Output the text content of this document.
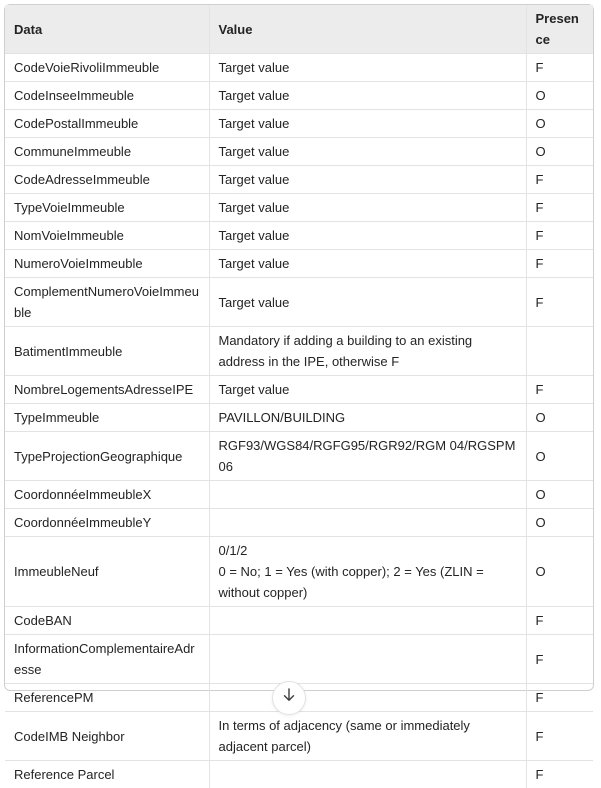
Data	Value	Presence
CodeVoieRivoliImmeuble	Target value	F
CodeInseeImmeuble	Target value	O
CodePostalImmeuble	Target value	O
CommuneImmeuble	Target value	O
CodeAdresseImmeuble	Target value	F
TypeVoieImmeuble	Target value	F
NomVoieImmeuble	Target value	F
NumeroVoieImmeuble	Target value	F
ComplementNumeroVoieImmeuble	Target value	F
BatimentImmeuble	Mandatory if adding a building to an existing address in the IPE, otherwise F	

NombreLogementsAdresseIPE	Target value	F
TypeImmeuble	PAVILLON/BUILDING	O
TypeProjectionGeographique	RGF93/WGS84/RGFG95/RGR92/RGM 04/RGSPM 06	O
CoordonnéeImmeubleX		O
CoordonnéeImmeubleY		O
ImmeubleNeuf	0/1/2
0 = No; 1 = Yes (with copper); 2 = Yes (ZLIN = without copper)	O
CodeBAN		F
InformationComplementaireAdresse		F
ReferencePM		F
CodeIMB Neighbor	In terms of adjacency (same or immediately adjacent parcel)	F
Reference Parcel		F
